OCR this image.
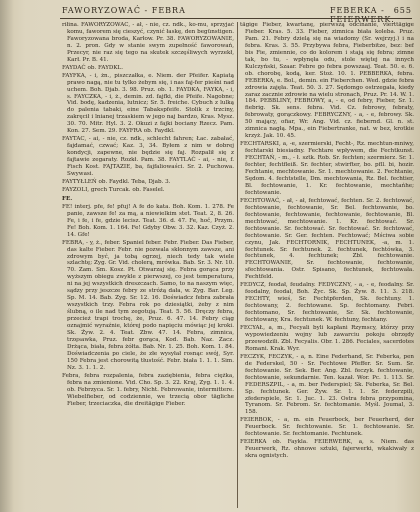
FAWORYZOWAĆ - FEBRA	FEBERKA - FEIERWERK.
655

riłina. FAWORYZOWAĆ, - ał, - nie, cz. ndk., ko-mu, sprzyjać komu, faworem się cieszyć, czynić łaskę, den begünstigen. Faworyzowana broda, Karłow. Pr. 38. FAWORYZOWANIE, n. 2. pron. Gdy w stanie swym zupełność faworowań, Przecyr, nie raz się tego na skutek szczęśliwych wyrzekł, Karł. Pr. B. 41.

FAYDAĆ ob. FAYDKL.

FAYFKA, - i, żn., piszczałka, e. Niem. der Pfeifer. Kapiatą prawo nagą, nie tu tylko żebym się, i nas faj-fer pieśni nad uchem. Boh. Djab. 3. 98. Pruz. ob. 1. FAYDKA, FAYKA, - i, s. FAYCZKA, - i, ż., demin. zd. fajfki, die Pfeife. Nagobne; Vid. bodę, kadzenia, lutnicz; Sr. 5. freiche. Cybuch z lulką do palenia tabaki, eine Tabakspfeife. Stolik z trzciny, zakręcił i lnianej trzaskiem w jego naj bardzo, Kras. Mysz. 30. 70. Mitr. Hyl. 3. 2. Okuzi z fajki bociany Rzecz. Pam. Kon. 27. Sem. 29. FAYFRA ob. Faydkl.

FAYTAC, - ai, - nie, cz. ndk., schlecht fahren; Łac. zabałać, fajdamać, czwać; Kaz. 3, 34. Byłem z nim w dobrej kondycji, zapewne, nie będzie się faj. Rozpalił się z fajtawie zegaraty. Rozkł. Pam. 38. FAYTLAĆ - ai, - nie, f. Fisch Kost. FAJTAZIE, ba, fajfaliowaści. Sr. 2. Puchowa. Swywasi.

FAYTYŁLEŃ ob. Faydkl. Teba, Djab. 3.

FAYZOLI, grech Turcak. ob. Faselel.

FE.

FE! interj. pfe, fe! pfuj! A fe do kata. Boh. Kom. 1. 278. Fe panie, zawsze fe! za mą, a niewielkim stet. Teat. 2, 8. 26. Fe, i fe, i fe, gdzie lecisz. Teat. 36. d. 47. Fe, hoč, Przym. Fe! Boh. Kom. 1. 164. Fe! Gdyby Obw. 3. 32. Kaz. Czyż. 2. 14. Gfe!

FEBRA, - y, ż., feber. Spaniel feber. Febr. Fieber. Das Fieber, das kalte Fieber. Febr. nie pozwala skłonnym zawsze, ani zdrowym być, ja tobą ogrzej, niech tedy tak wiele szlachtę; Zyg. Gr. Vid. cholerą, mrówka. Bab. Sr. 3. Nr. 10. 70. Zam. Sm. Kosz. Pt. Otwarzaj się. Febra gorąca przy wyższym obiegu zwykle z pierwszej, co jest temperatura, ni na jej wszystkich dreszczach. Samo, to na naszym więc, sądzy przy jeszcze febry ze stróżą dała, w. Zyg. Bar. Leg. Sp. M. 14. Bab. Zyg. Sr. 12. 16. Doświadcz febra zabrała wszystkich trzy. Febra rok po dziesiątki, żeby z nim ślubną, o ile nad tym zegotują. Teat. 5. 56. Dręczy febra, przecież trapi trochę, że, Pruz. 6. 47. 14. Febry ciąg oznajmić wyraźnie, której podo napięciu mówiąc jej kroki. Sk. Żyw. 2. 4. Teat. Zbw. 47. 14. Febra, zimnica, trzęsawka, Pruz. febr gorąca, Kod. Bab. Naz. Zacz. Drżąca, biała, febra żółta. Bab. Nr. 1. 25. Boh. Kom. 1. 84. Doświadczenia po ciele, że złe wysyłał rosnąc swój, Syr. 150 Febra jest chorowitą tłustość. Febr. biała 1. 1. 1. Sim. Nz. 3. 1. 1. 2.

Febra, febra rozpalenia, febra zaziębienia, febra ciężka, febra na zmienione. Vid. Cho. Sp. 3. 22. Kraj, Zyg. 1. 1. 4. ob. Febrzyca. Sr. 1. febry, Nicht. Febrowanie, intermittere. Wiebelfieber, od codziennie, we trzecią obor tägliche Fieber, trzeciaczka, die dreitägige Fieber.

tägige Fieber, kwartanę, pierwszą odcinanie, vierttägige Fieber. Kras. 5. 33. Fieber, zimnica biała koleba. Pruz. Pam. 21. Febry dzielą się na wiadomy (Sr. wejrzyj.) i na febra. Kras. 3. 55. Przybywa febra, Fieberbitze, bez: bef bis Fie, zmiennie, co do kolorem i stają się febra; zimne tak, bo tu, - wpłynęła odu, stole więtej na innych Kulczyński, Szaar. Febre go febra powszaaj. Teat. 50. e. 6. ob. chorobę, kodą, ker. Stoż. 10. 1. PEBBERKA, febra. FEBERKA, e. Bol., demin. ein Fieberchen. Wed. gdzie febra zdrowia zajęła. Teat. 50. 3. 27. Sędomgo ostrzegała, kiedy zaraz zacznie zdrowie na wielu stronach, Pruz. Pr. 14. W. 1. 184. PEBBLINY, FEBROWY, a, - e, od febry, Fieber, Sr. 1. fiebrig. Sk. sens. febra. Vid. Cz. febrowy, febraty, febrowaty, gorączkowy. FEBRYCZNY, - a, - e, febrowy. Sk. 50 mający, ofiar, Wr. Ang. Vid. cz. fiebernd. Gl. n. st. zimnica nagłą. Mpa., ein Fiebertranke, nat. w bez, krotkie krzyż. Jak. 10. 45.

FECHTARSKI, a, -e, szermierski, Fecht-, Rz. mechtun-mniwy, fechtarski biesiadny. Fechtare wpływem, die Fechtkunst. FECHTAŃ, - m., - ł. sztk. Rob. Sr. fechten; szermierz. Sr. 1. fechter, fechtfleiß. Sr. fechter, stwirfter, bo. pfll. bi, hozir. Fechtanie, mechtowanie. Sr. 1. mechtowanie. 2. Fechtanie, Sędom. 4. fechtstelle, Dm. mechtowania, Rz. Bel. fechtier, Bl. fechtowanie, 1. Kr. fechtowanie, mechtańhe; fechtowanie.

FECHTOWAĆ, - ał, - ał, fechtować, fechten. Sr. 2. fechtować, fechtowanie, fechtowanie, Sr. Bel. fechtowanie, bo. fechtowanie, fechtowanie, fechtowanie, fechtowanie, Bl. mechtować, mechtowanie. 1. Kr. fechtować. Sr. fechtowanie. Sr. fechtować. Sr. fechtować. Sr. fechtować, fechtowanie. Sr. Ger. fechten. Fechtować; Mściwa sobie czynu, Jak. FECHTORNIK, FECHTUNEK, -a, m. 1. fechtunek. Sr. fechtunek. 2. fechtunek, fechtówka, 3. fechtunek, 4. fechtunek; Zbl. fechtowanie. FECHTOWANIE, Sr. fechtowanie, fechtowanie, sfechtowania. Ostr. Spisano, fechtunek, fechtowała. Fechtfeld.

FEDYCZ, feodał, feudalny. FEDYCZNY, - a, - e, feodalny. Sr. feodalny, feodał, Boh. Życ. Sk. Sp. Żyw. 8. 11. 3. 218. FECHTY, wieś, Sr. Fechtpferden, Sk. fechtuny. 1. fechtowany, 2. fechtowane. Sp. fechtomany. Febri. fechtomano, Sr. fechtowanie, Sr. Sk. fechtowanie, fechtowany, Kra. fechtunek. W. fechtuny, fechtany.

FECYAŁ, a, m., Fecyali byli kapłani Rzymscy, którzy przy wypowiedzeniu wojny lub zawarciu pokoju obrzędy przewodzili. Zbl. Fecyalis. Obr. 1. 286. Feciales, sacerdotes Romani. Krak. Wyr.

FECZYK, FECZYK, - a, n. Eine Federhand, Sr. Feberka, pen de Federskel, 50 - Sr. Fechtowe Pfeffer. Sr. Sum. Sr. fechtowanie. Sr. Sek. Ber. Ang. Zbl. feczyk. fechtowanie, fechtowanie, sekundarnie. Ten. kazał. Wor. Pc. 1. 113. Sr. FEDERSZPIL, - a, m. ber Federspiel; Sk. Feberka, Sr. Bel. Sp. fechtunek. Ger. Żyw. Sr. 1. 1. Sr. federzpili, zfederspiele, Sr. 1. Juc. 1. 23. Ostra febra przypomina, Tyranom. Sr. Febrom. Sr. fechtomanie. Myśl. Joumal, 3. 158.

FEIERBOK, - a, m. ein Feuerbock, ber Feuerherd, der Feuerbock. Sr. fechtowanie. Sr. 1. fechtowanie. Sr. fechtowanie. Sr. fechtomanie. Fechtunek.

FEIERKA ob. Faykla. FEIERWERK, a, s. Niem. das Feuerwerk, Rz. ohnowe sztuki, fajerwerki, wkakiwały z skra ognistych.
